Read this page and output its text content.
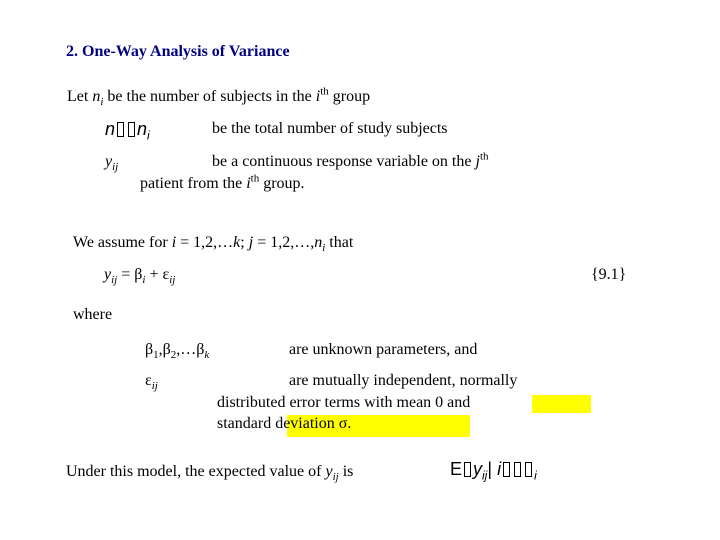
2. One-Way Analysis of Variance
Let $n_i$ be the number of subjects in the $i^{th}$ group
n $n_i$	be the total number of study subjects
$y_{ij}$	be a continuous response variable on the $j^{th}$
patient from the $i^{th}$ group.
We assume for i = 1,2,…k; $j = 1,2,\dots,n_i$ that
$y_{ij} = \beta_i + \varepsilon_{ij}$	{9.1}
where
$\beta_1,\beta_2,\dots\beta_k$	are unknown parameters, and
$\varepsilon_{ij}$	are mutually independent, normally
distributed error terms with mean 0 and
standard deviation σ.
Under this model, the expected value of $y_{ij}$ is	E $y_{ij}|$ i	$_i$
